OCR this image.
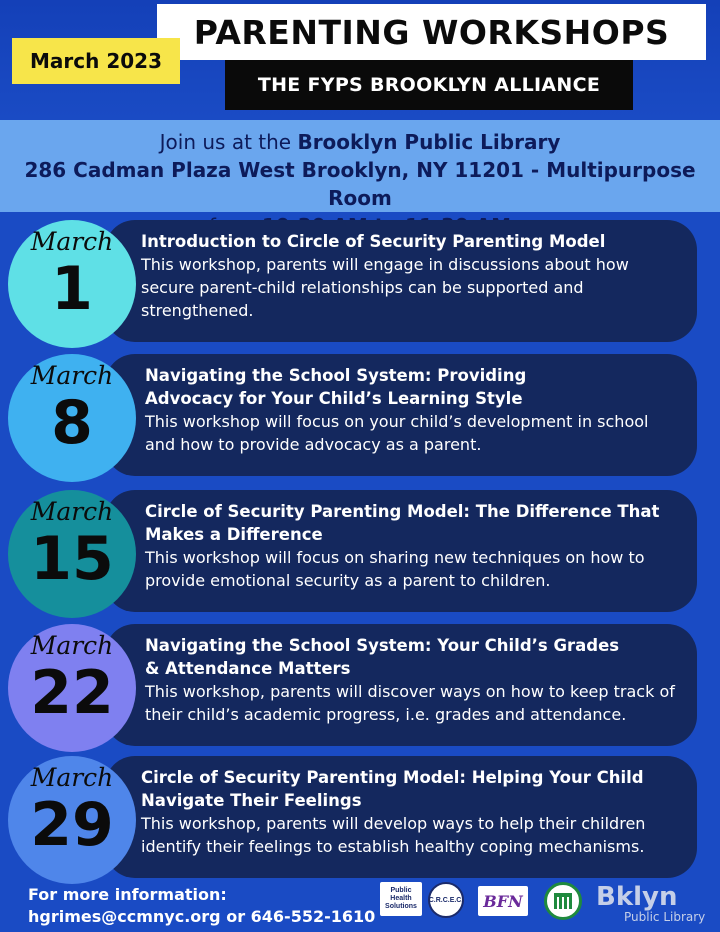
PARENTING WORKSHOPS
March 2023
THE FYPS BROOKLYN ALLIANCE
Join us at the Brooklyn Public Library
286 Cadman Plaza West Brooklyn, NY 11201 - Multipurpose Room
Introduction to Circle of Security Parenting Model
This workshop, parents will engage in discussions about how secure parent-child relationships can be supported and strengthened.
March
1
Navigating the School System: Providing Advocacy for Your Child’s Learning Style
This workshop will focus on your child’s development in school and how to provide advocacy as a parent.
March
8
Circle of Security Parenting Model: The Difference That Makes a Difference
This workshop will focus on sharing new techniques on how to provide emotional security as a parent to children.
March
15
Navigating the School System: Your Child’s Grades & Attendance Matters
This workshop, parents will discover ways on how to keep track of their child’s academic progress, i.e. grades and attendance.
March
22
Circle of Security Parenting Model: Helping Your Child Navigate Their Feelings
This workshop, parents will develop ways to help their children identify their feelings to establish healthy coping mechanisms.
March
29
For more information:
hgrimes@ccmnyc.org or 646-552-1610
Public Health Solutions
C.R.C.E.C.	BFN	Bklyn
Public Library
